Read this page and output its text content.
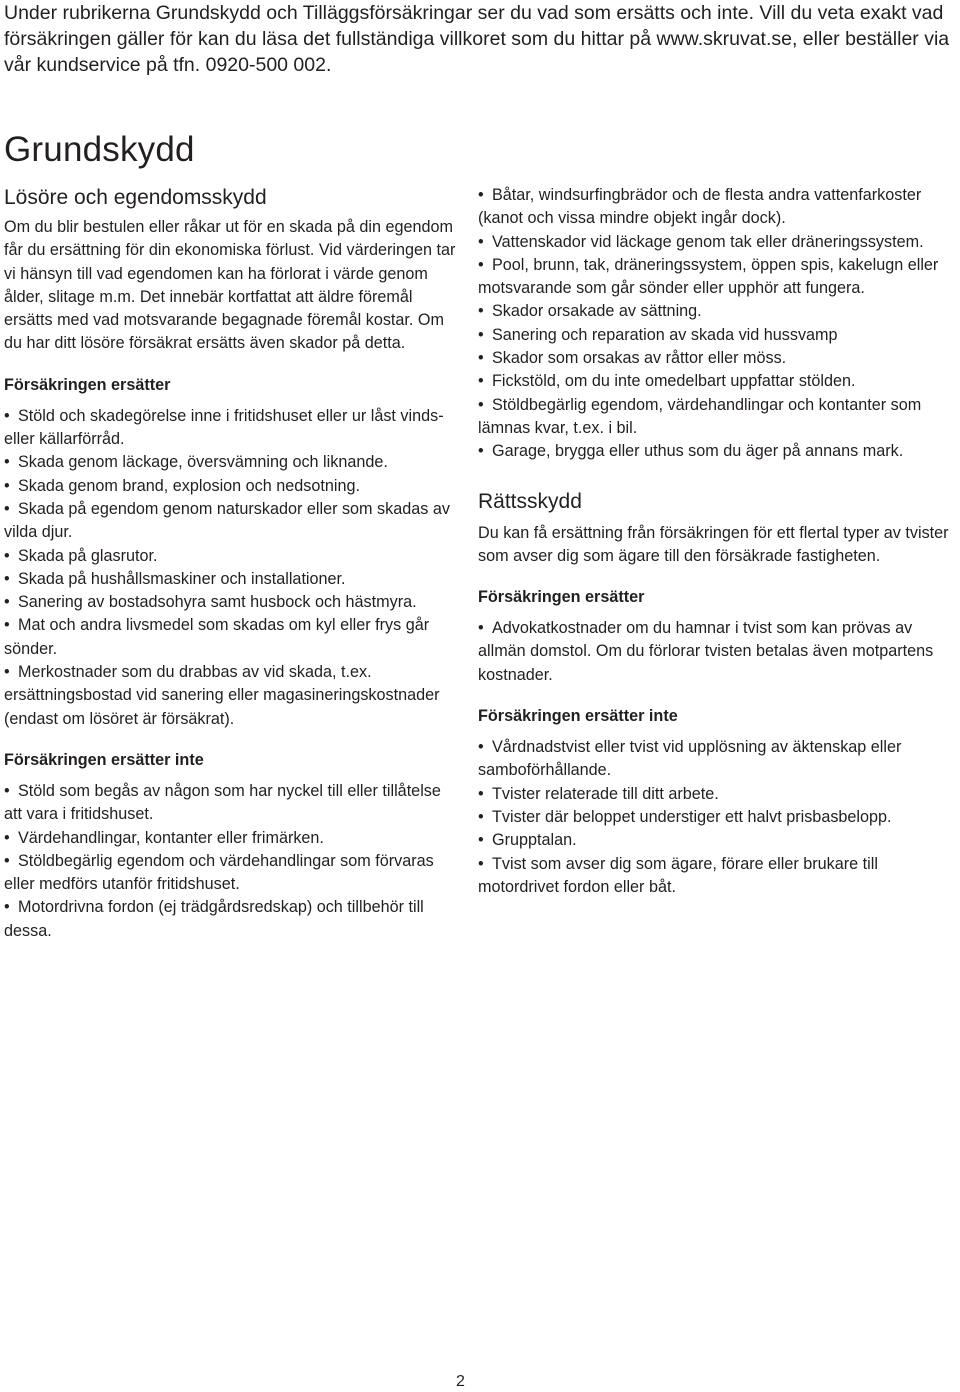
Under rubrikerna Grundskydd och Tilläggsförsäkringar ser du vad som ersätts och inte. Vill du veta exakt vad försäkringen gäller för kan du läsa det fullständiga villkoret som du hittar på www.skruvat.se, eller beställer via vår kundservice på tfn. 0920-500 002.

Grundskydd
Lösöre och egendomsskydd

Om du blir bestulen eller råkar ut för en skada på din egendom får du ersättning för din ekonomiska förlust. Vid värderingen tar vi hänsyn till vad egendomen kan ha förlorat i värde genom ålder, slitage m.m. Det innebär kortfattat att äldre föremål ersätts med vad motsvarande begagnade föremål kostar. Om du har ditt lösöre försäkrat ersätts även skador på detta.

Försäkringen ersätter
• Stöld och skadegörelse inne i fritidshuset eller ur låst vinds- eller källarförråd.
• Skada genom läckage, översvämning och liknande.
• Skada genom brand, explosion och nedsotning.
• Skada på egendom genom naturskador eller som skadas av vilda djur.
• Skada på glasrutor.
• Skada på hushållsmaskiner och installationer.
• Sanering av bostadsohyra samt husbock och hästmyra.
• Mat och andra livsmedel som skadas om kyl eller frys går sönder.
• Merkostnader som du drabbas av vid skada, t.ex. ersättningsbostad vid sanering eller magasineringskostnader (endast om lösöret är försäkrat).
Försäkringen ersätter inte
• Stöld som begås av någon som har nyckel till eller tillåtelse att vara i fritidshuset.
• Värdehandlingar, kontanter eller frimärken.
• Stöldbegärlig egendom och värdehandlingar som förvaras eller medförs utanför fritidshuset.
• Motordrivna fordon (ej trädgårdsredskap) och tillbehör till dessa.
• Båtar, windsurfingbrädor och de flesta andra vattenfarkoster (kanot och vissa mindre objekt ingår dock).
• Vattenskador vid läckage genom tak eller dräneringssystem.
• Pool, brunn, tak, dräneringssystem, öppen spis, kakelugn eller motsvarande som går sönder eller upphör att fungera.
• Skador orsakade av sättning.
• Sanering och reparation av skada vid hussvamp
• Skador som orsakas av råttor eller möss.
• Fickstöld, om du inte omedelbart uppfattar stölden.
• Stöldbegärlig egendom, värdehandlingar och kontanter som lämnas kvar, t.ex. i bil.
• Garage, brygga eller uthus som du äger på annans mark.
Rättsskydd

Du kan få ersättning från försäkringen för ett flertal typer av tvister som avser dig som ägare till den försäkrade fastigheten.

Försäkringen ersätter
• Advokatkostnader om du hamnar i tvist som kan prövas av allmän domstol. Om du förlorar tvisten betalas även motpartens kostnader.
Försäkringen ersätter inte
• Vårdnadstvist eller tvist vid upplösning av äktenskap eller samboförhållande.
• Tvister relaterade till ditt arbete.
• Tvister där beloppet understiger ett halvt prisbasbelopp.
• Grupptalan.
• Tvist som avser dig som ägare, förare eller brukare till motordrivet fordon eller båt.
2
